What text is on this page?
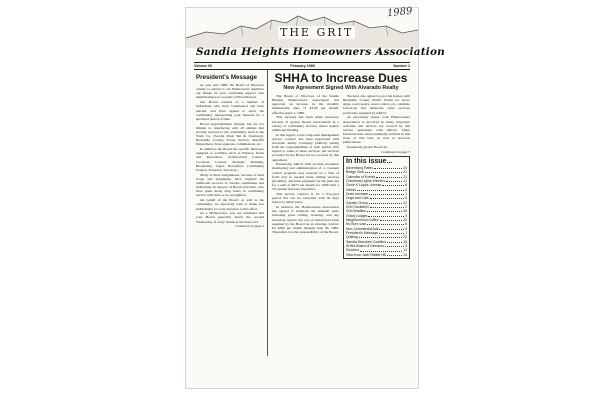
1989
THE GRIT
Sandia Heights Homeowners Association
Volume 09	February 1989	Number 1
President's Message

At year end 1988, the Board of Directors wishes to extend to our Homeowner members our thanks for your continuing support. Our membership now exceeds 1100 residences.

Our Board consists of a number of individuals who have volunteered and been elected, and have agreed to serve the community, representing your interests for a specified period of time.

Board responsibilities include, but are not limited to, interfacing with all entities that provide services to the community, such as the Tram Co. (Sandia Peak Ski & Tramway), Bernalillo County, Forest Service, Sheriff's Department, State agencies, commissions, etc.

In addition, the Board has specific Directors assigned to activities such as Finance, Parks and Recreation, Architectural Control, Covenant Control, Strategic Planning, Hospitality, Legal, Newsletter, Community Liaison, Treasurer, Secretary...

Many of these assignments, because of their scope and magnitude, have required the additional services of various committees and individuals in support of Board activities, who have spent many long hours in community service with little or no recognition.

On behalf of the Board, as well as the community, we especially want to thank you individually for your devotion to this effort.

As a Homeowner, you are reminded that your Board generally meets the second Wednesday of every month at the Paseo del

Continued on page 2

SHHA to Increase Dues
New Agreement Signed With Alvarado Realty

The Board of Directors of the Sandia Heights Homeowners Association has approved an increase in the monthly membership dues of $3.00 per month, effective April 1, 1989.

This increase has been made necessary because of greater Board involvement in a variety of community services which require additional funding.

In this regard, a new long-term management service contract has been negotiated with Alvarado Realty Company (ARCO) setting forth the responsibilities of both parties with regard to some of these services. All services provided by the Board are not covered by this agreement.

Essentially, ARCO shall provide resolution monitoring and administration of a covenant control program, new renewal on a 'first of form' and as needed basis, billing services (monthly), and lease payments for the park site for a sum of $975 per month for 1989 with a 5% annual increase, thereafter.

This service contract is for a five-year period but can be cancelled with 30 days notice by either party.

In addition, the Homeowners Association has agreed to maintain the baseball park, including grass cutting, watering, and any necessary repairs, the cost of which have been assumed by the Board on an existing contract for $300 per month through June 30, 1989. Thereafter, it is the responsibility of the Board.

We have also agreed to provide liaison with Bernalillo County Public Works for snow, signs, road repairs, weed control, etc., estimate follow-up and numerous other services previously supplied by ARCO.

As previously stated, your Homeowners Association is involved in many important activities and services not covered by this service agreement with ARCO. These functions have been essentially outlined in this issue of The Grit, as well as previous publications.

Essentially greater Board in-

Continued on page 7

In this issue...
Advertising Rates	31
Bridge Club	22
Calendar of Events	21
Christmas Lights Winners	11
Circle K Liquor License	8
Deeds	4
Dues Increase	1
Dogs and Cats	5
Garden Group	12
Grit Circulation	2
Grit Deadline	30
Gravy Lodges	3
Neighborhood Coffee	22
No Burn Law	6
Non-Commercial Ads	9
President's Message	1
Quilting	22
Sandia Mountain Coalition	10
SHHA Board of Directors	3
Snickers	14
View from Jack Rabbit Hill	13
